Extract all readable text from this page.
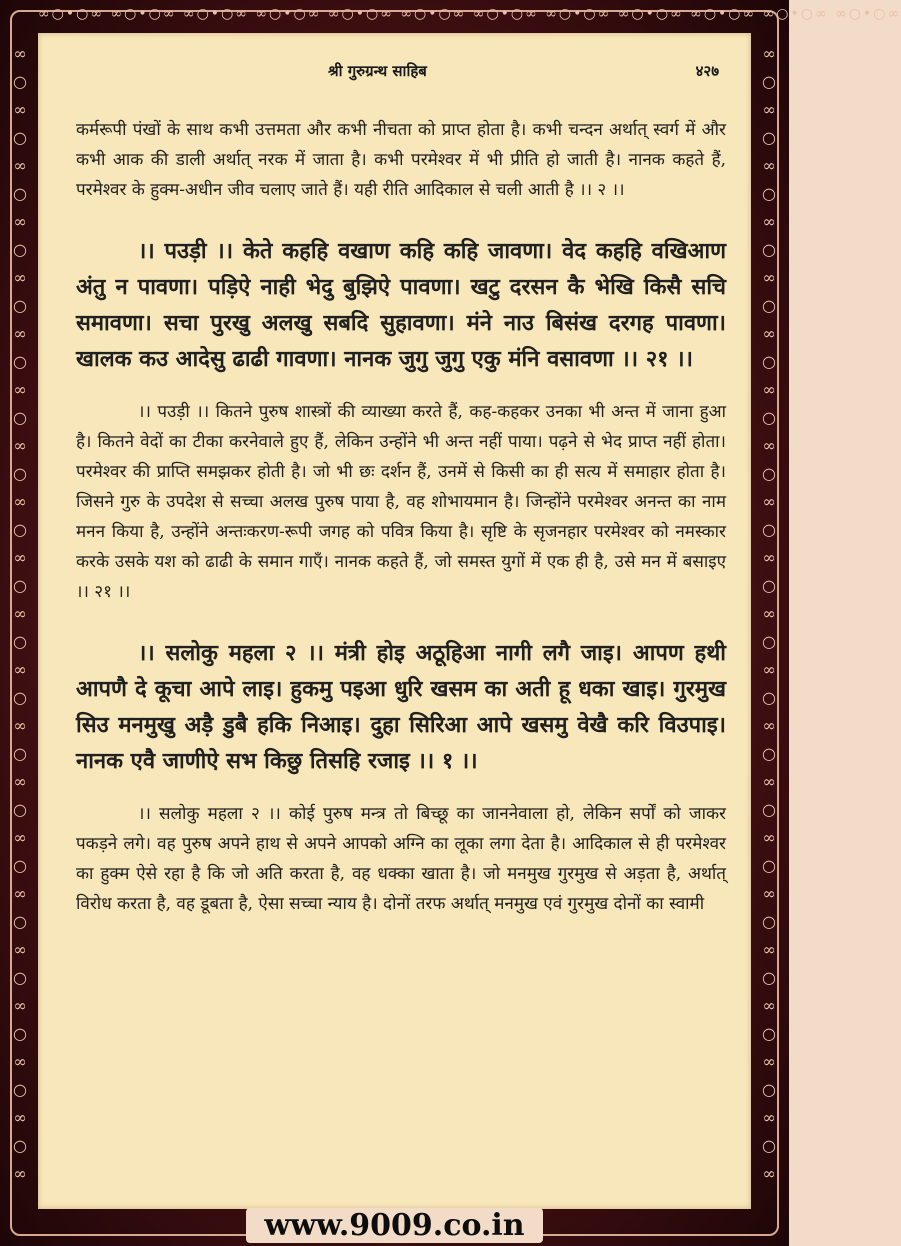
∞○•○∞ ∞○•○∞ ∞○•○∞ ∞○•○∞ ∞○•○∞ ∞○•○∞ ∞○•○∞ ∞○•○∞ ∞○•○∞ ∞○•○∞ ∞○•○∞ ∞○•○∞
∞
○
∞
○
∞
○
∞
○
∞
○
∞
○
∞
○
∞
○
∞
○
∞
○
∞
○
∞
○
∞
○
∞
○
∞
○
∞
○
∞
○
∞
○
∞
○
∞
○
∞
∞
○
∞
○
∞
○
∞
○
∞
○
∞
○
∞
○
∞
○
∞
○
∞
○
∞
○
∞
○
∞
○
∞
○
∞
○
∞
○
∞
○
∞
○
∞
○
∞
○
∞
श्री गुरुग्रन्थ साहिब	४२७

कर्मरूपी पंखों के साथ कभी उत्तमता और कभी नीचता को प्राप्त होता है। कभी चन्दन अर्थात् स्वर्ग में और कभी आक की डाली अर्थात् नरक में जाता है। कभी परमेश्वर में भी प्रीति हो जाती है। नानक कहते हैं, परमेश्वर के हुक्म-अधीन जीव चलाए जाते हैं। यही रीति आदिकाल से चली आती है ।। २ ।।

।। पउड़ी ।। केते कहहि वखाण कहि कहि जावणा। वेद कहहि वखिआण अंतु न पावणा। पड़िऐ नाही भेदु बुझिऐ पावणा। खटु दरसन कै भेखि किसै सचि समावणा। सचा पुरखु अलखु सबदि सुहावणा। मंने नाउ बिसंख दरगह पावणा। खालक कउ आदेसु ढाढी गावणा। नानक जुगु जुगु एकु मंनि वसावणा ।। २१ ।।

।। पउड़ी ।। कितने पुरुष शास्त्रों की व्याख्या करते हैं, कह-कहकर उनका भी अन्त में जाना हुआ है। कितने वेदों का टीका करनेवाले हुए हैं, लेकिन उन्होंने भी अन्त नहीं पाया। पढ़ने से भेद प्राप्त नहीं होता। परमेश्वर की प्राप्ति समझकर होती है। जो भी छः दर्शन हैं, उनमें से किसी का ही सत्य में समाहार होता है। जिसने गुरु के उपदेश से सच्चा अलख पुरुष पाया है, वह शोभायमान है। जिन्होंने परमेश्वर अनन्त का नाम मनन किया है, उन्होंने अन्तःकरण-रूपी जगह को पवित्र किया है। सृष्टि के सृजनहार परमेश्वर को नमस्कार करके उसके यश को ढाढी के समान गाएँ। नानक कहते हैं, जो समस्त युगों में एक ही है, उसे मन में बसाइए ।। २१ ।।

।। सलोकु महला २ ।। मंत्री होइ अठूहिआ नागी लगै जाइ। आपण हथी आपणै दे कूचा आपे लाइ। हुकमु पइआ धुरि खसम का अती हू धका खाइ। गुरमुख सिउ मनमुखु अड़ै डुबै हकि निआइ। दुहा सिरिआ आपे खसमु वेखै करि विउपाइ। नानक एवै जाणीऐ सभ किछु तिसहि रजाइ ।। १ ।।

।। सलोकु महला २ ।। कोई पुरुष मन्त्र तो बिच्छू का जाननेवाला हो, लेकिन सर्पों को जाकर पकड़ने लगे। वह पुरुष अपने हाथ से अपने आपको अग्नि का लूका लगा देता है। आदिकाल से ही परमेश्वर का हुक्म ऐसे रहा है कि जो अति करता है, वह धक्का खाता है। जो मनमुख गुरमुख से अड़ता है, अर्थात् विरोध करता है, वह डूबता है, ऐसा सच्चा न्याय है। दोनों तरफ अर्थात् मनमुख एवं गुरमुख दोनों का स्वामी

www.9009.co.in
